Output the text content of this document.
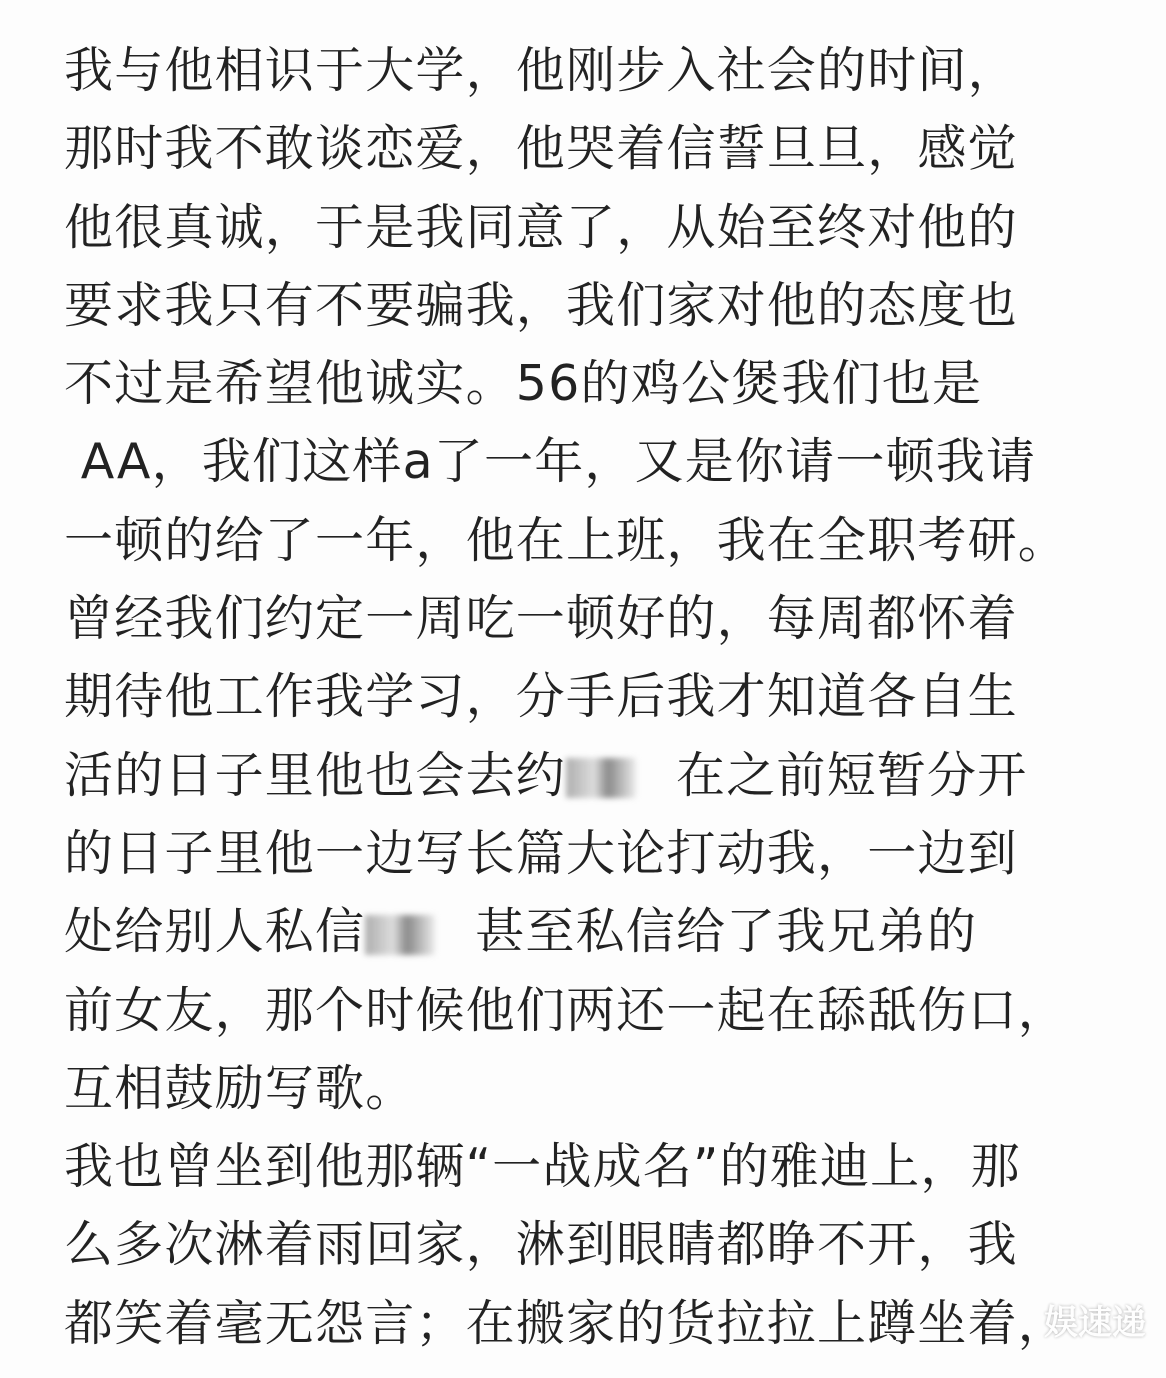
我与他相识于大学，他刚步入社会的时间，
那时我不敢谈恋爱，他哭着信誓旦旦，感觉
他很真诚，于是我同意了，从始至终对他的
要求我只有不要骗我，我们家对他的态度也
不过是希望他诚实。56的鸡公煲我们也是
AA，我们这样a了一年，又是你请一顿我请
一顿的给了一年，他在上班，我在全职考研。
曾经我们约定一周吃一顿好的，每周都怀着
期待他工作我学习，分手后我才知道各自生
活的日子里他也会去约 在之前短暂分开
的日子里他一边写长篇大论打动我，一边到
处给别人私信 甚至私信给了我兄弟的
前女友，那个时候他们两还一起在舔舐伤口，
互相鼓励写歌。
我也曾坐到他那辆“一战成名”的雅迪上，那
么多次淋着雨回家，淋到眼睛都睁不开，我
都笑着毫无怨言；在搬家的货拉拉上蹲坐着，
娱速递
